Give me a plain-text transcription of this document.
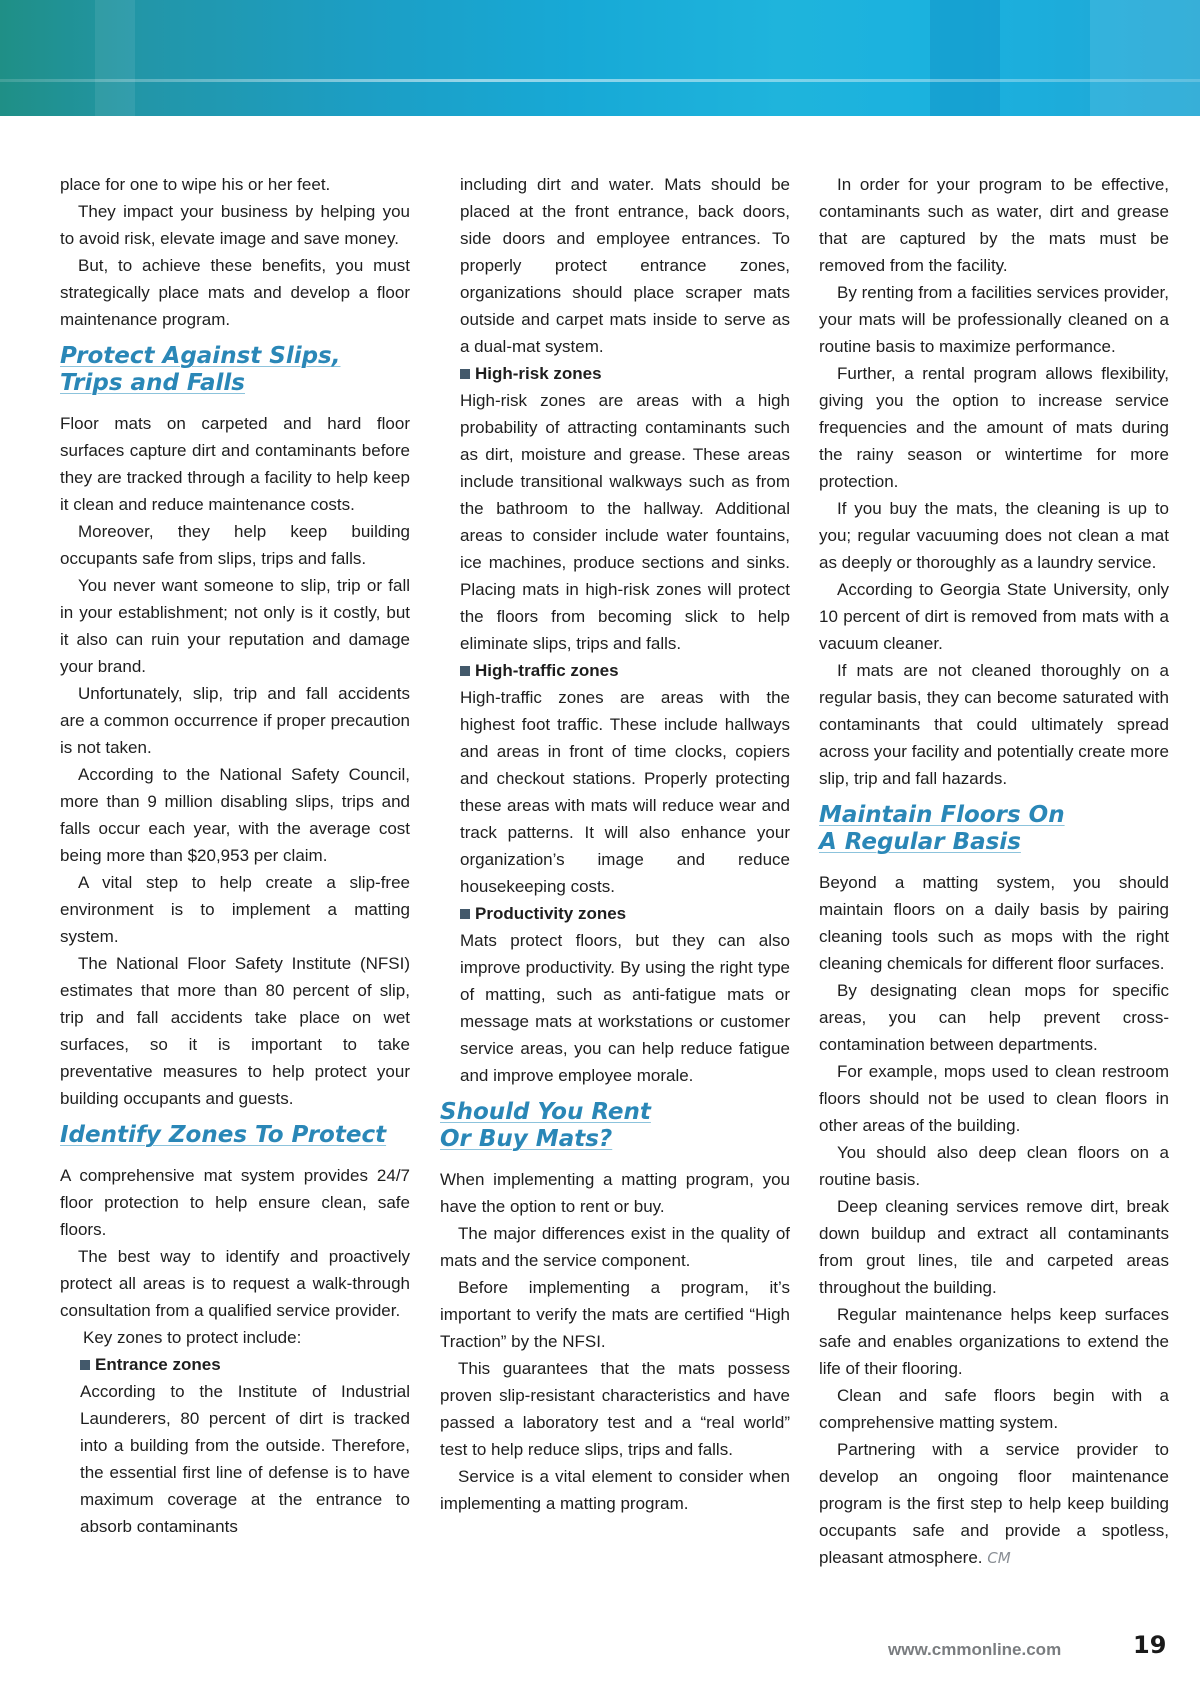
place for one to wipe his or her feet.

They impact your business by helping you to avoid risk, elevate image and save money.

But, to achieve these benefits, you must strategically place mats and develop a floor maintenance program.

Protect Against Slips,
Trips and Falls

Floor mats on carpeted and hard floor surfaces capture dirt and contaminants before they are tracked through a facility to help keep it clean and reduce maintenance costs.

Moreover, they help keep building occupants safe from slips, trips and falls.

You never want someone to slip, trip or fall in your establishment; not only is it costly, but it also can ruin your reputation and damage your brand.

Unfortunately, slip, trip and fall accidents are a common occurrence if proper precaution is not taken.

According to the National Safety Council, more than 9 million disabling slips, trips and falls occur each year, with the average cost being more than $20,953 per claim.

A vital step to help create a slip-free environment is to implement a matting system.

The National Floor Safety Institute (NFSI) estimates that more than 80 percent of slip, trip and fall accidents take place on wet surfaces, so it is important to take preventative measures to help protect your building occupants and guests.

Identify Zones To Protect

A comprehensive mat system provides 24/7 floor protection to help ensure clean, safe floors.

The best way to identify and proactively protect all areas is to request a walk-through consultation from a qualified service provider.

Key zones to protect include:

Entrance zones

According to the Institute of Industrial Launderers, 80 percent of dirt is tracked into a building from the outside. Therefore, the essential first line of defense is to have maximum coverage at the entrance to absorb contaminants

including dirt and water. Mats should be placed at the front entrance, back doors, side doors and employee entrances. To properly protect entrance zones, organizations should place scraper mats outside and carpet mats inside to serve as a dual-mat system.

High-risk zones

High-risk zones are areas with a high probability of attracting contaminants such as dirt, moisture and grease. These areas include transitional walkways such as from the bathroom to the hallway. Additional areas to consider include water fountains, ice machines, produce sections and sinks. Placing mats in high-risk zones will protect the floors from becoming slick to help eliminate slips, trips and falls.

High-traffic zones

High-traffic zones are areas with the highest foot traffic. These include hallways and areas in front of time clocks, copiers and checkout stations. Properly protecting these areas with mats will reduce wear and track patterns. It will also enhance your organization’s image and reduce housekeeping costs.

Productivity zones

Mats protect floors, but they can also improve productivity. By using the right type of matting, such as anti-fatigue mats or message mats at workstations or customer service areas, you can help reduce fatigue and improve employee morale.

Should You Rent
Or Buy Mats?

When implementing a matting program, you have the option to rent or buy.

The major differences exist in the quality of mats and the service component.

Before implementing a program, it’s important to verify the mats are certified “High Traction” by the NFSI.

This guarantees that the mats possess proven slip-resistant characteristics and have passed a laboratory test and a “real world” test to help reduce slips, trips and falls.

Service is a vital element to consider when implementing a matting program.

In order for your program to be effective, contaminants such as water, dirt and grease that are captured by the mats must be removed from the facility.

By renting from a facilities services provider, your mats will be professionally cleaned on a routine basis to maximize performance.

Further, a rental program allows flexibility, giving you the option to increase service frequencies and the amount of mats during the rainy season or wintertime for more protection.

If you buy the mats, the cleaning is up to you; regular vacuuming does not clean a mat as deeply or thoroughly as a laundry service.

According to Georgia State University, only 10 percent of dirt is removed from mats with a vacuum cleaner.

If mats are not cleaned thoroughly on a regular basis, they can become saturated with contaminants that could ultimately spread across your facility and potentially create more slip, trip and fall hazards.

Maintain Floors On
A Regular Basis

Beyond a matting system, you should maintain floors on a daily basis by pairing cleaning tools such as mops with the right cleaning chemicals for different floor surfaces.

By designating clean mops for specific areas, you can help prevent cross-contamination between departments.

For example, mops used to clean restroom floors should not be used to clean floors in other areas of the building.

You should also deep clean floors on a routine basis.

Deep cleaning services remove dirt, break down buildup and extract all contaminants from grout lines, tile and carpeted areas throughout the building.

Regular maintenance helps keep surfaces safe and enables organizations to extend the life of their flooring.

Clean and safe floors begin with a comprehensive matting system.

Partnering with a service provider to develop an ongoing floor maintenance program is the first step to help keep building occupants safe and provide a spotless, pleasant atmosphere. CM

www.cmmonline.com	19
